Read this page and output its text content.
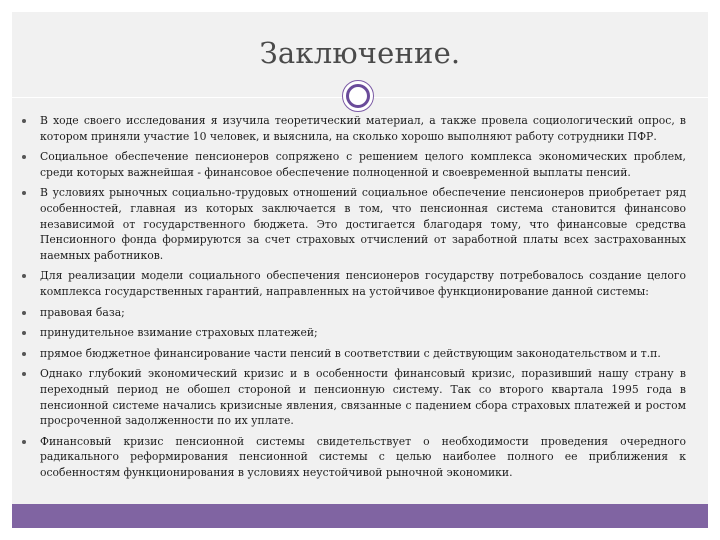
Заключение.
В ходе своего исследования я изучила теоретический материал, а также провела социологический опрос, в котором приняли участие 10 человек, и выяснила, на сколько хорошо выполняют работу сотрудники ПФР.
Социальное обеспечение пенсионеров сопряжено с решением целого комплекса экономических проблем, среди которых важнейшая - финансовое обеспечение полноценной и своевременной выплаты пенсий.
В условиях рыночных социально-трудовых отношений социальное обеспечение пенсионеров приобретает ряд особенностей, главная из которых заключается в том, что пенсионная система становится финансово независимой от государственного бюджета. Это достигается благодаря тому, что финансовые средства Пенсионного фонда формируются за счет страховых отчислений от заработной платы всех застрахованных наемных работников.
Для реализации модели социального обеспечения пенсионеров государству потребовалось создание целого комплекса государственных гарантий, направленных на устойчивое функционирование данной системы:
правовая база;
принудительное взимание страховых платежей;
прямое бюджетное финансирование части пенсий в соответствии с действующим законодательством и т.п.
Однако глубокий экономический кризис и в особенности финансовый кризис, поразивший нашу страну в переходный период не обошел стороной и пенсионную систему. Так со второго квартала 1995 года в пенсионной системе начались кризисные явления, связанные с падением сбора страховых платежей и ростом просроченной задолженности по их уплате.
Финансовый кризис пенсионной системы свидетельствует о необходимости проведения очередного радикального реформирования пенсионной системы с целью наиболее полного ее приближения к особенностям функционирования в условиях неустойчивой рыночной экономики.
